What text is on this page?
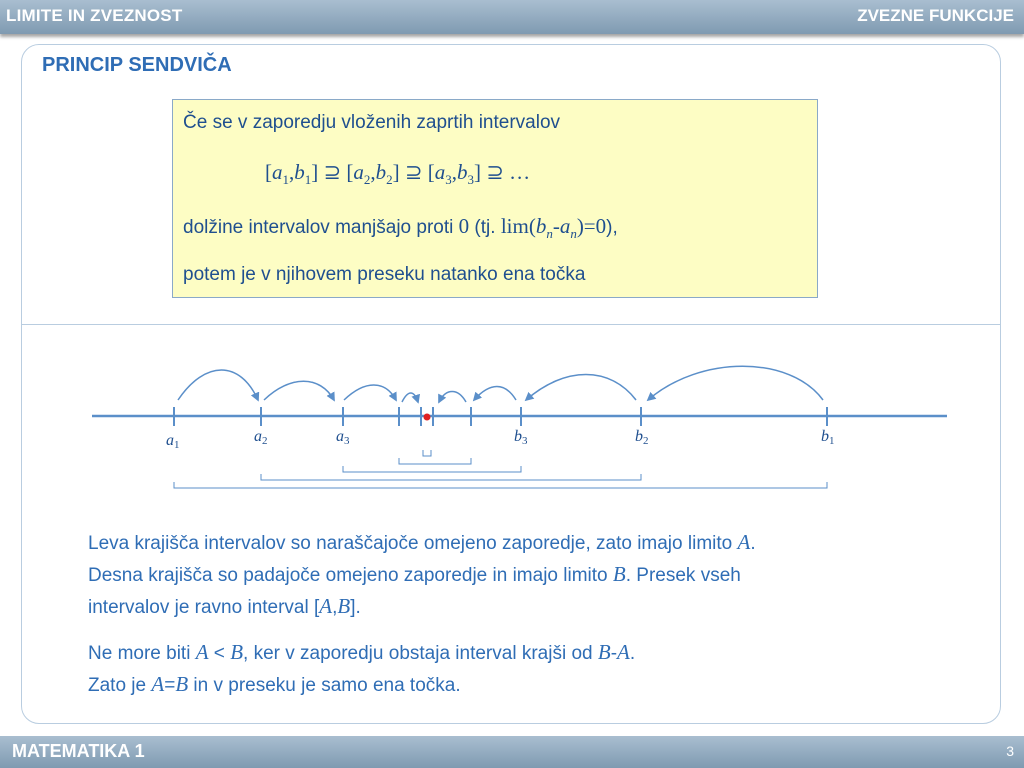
LIMITE IN ZVEZNOST	ZVEZNE FUNKCIJE
PRINCIP SENDVIČA
Če se v zaporedju vloženih zaprtih intervalov
$[a_1,b_1]$ ⊇ $[a_2,b_2]$ ⊇ $[a_3,b_3]$ ⊇ …
dolžine intervalov manjšajo proti 0 (tj. $\lim(b_n-a_n)=0$),
potem je v njihovem preseku natanko ena točka
a1	a2	a3	b3	b2	b1
Leva krajišča intervalov so naraščajoče omejeno zaporedje, zato imajo limito A.
Desna krajišča so padajoče omejeno zaporedje in imajo limito B. Presek vseh
intervalov je ravno interval [A,B].
Ne more biti A < B, ker v zaporedju obstaja interval krajši od B-A.
Zato je A=B in v preseku je samo ena točka.
MATEMATIKA 1	3
